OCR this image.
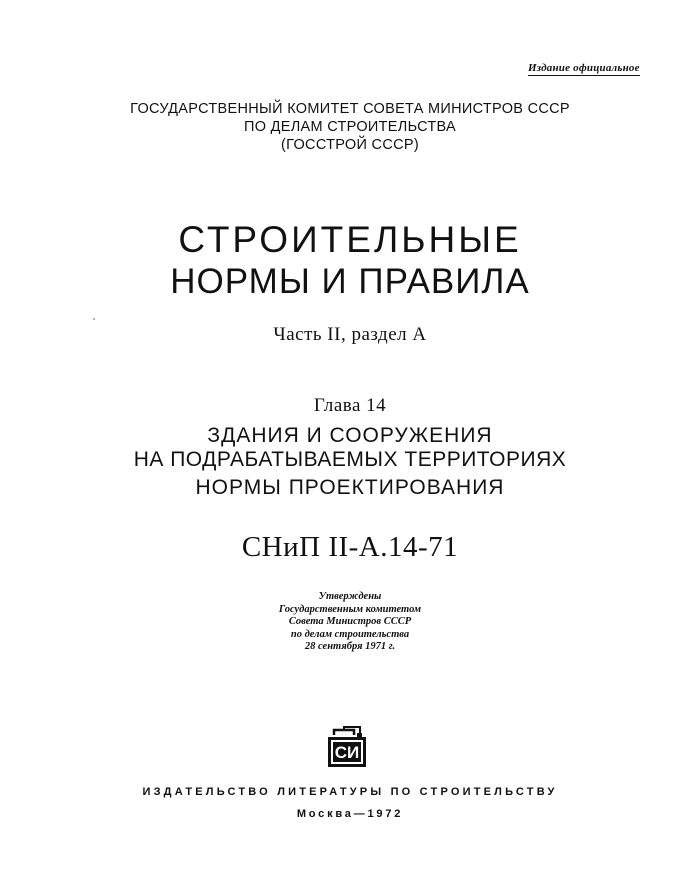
Издание официальное
ГОСУДАРСТВЕННЫЙ КОМИТЕТ СОВЕТА МИНИСТРОВ СССР
ПО ДЕЛАМ СТРОИТЕЛЬСТВА
(ГОССТРОЙ СССР)
СТРОИТЕЛЬНЫЕ
НОРМЫ И ПРАВИЛА
Часть II, раздел А
Глава 14
ЗДАНИЯ И СООРУЖЕНИЯ
НА ПОДРАБАТЫВАЕМЫХ ТЕРРИТОРИЯХ
НОРМЫ ПРОЕКТИРОВАНИЯ
СНиП II-А.14-71
Утверждены
Государственным комитетом
Совета Министров СССР
по делам строительства
28 сентября 1971 г.
СИ
ИЗДАТЕЛЬСТВО ЛИТЕРАТУРЫ ПО СТРОИТЕЛЬСТВУ
Москва—1972
